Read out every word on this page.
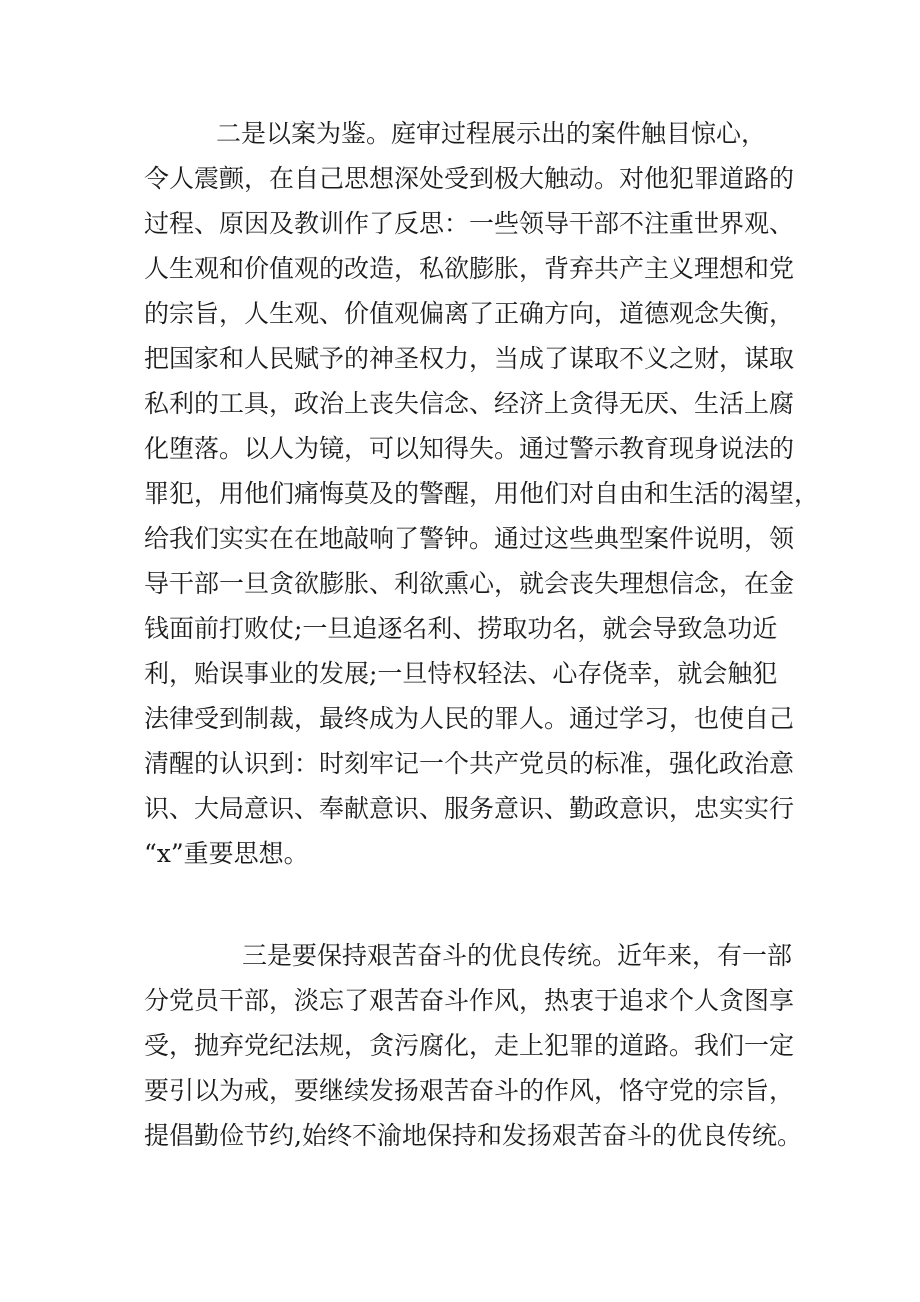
二是以案为鉴。庭审过程展示出的案件触目惊心，
令人震颤，在自己思想深处受到极大触动。对他犯罪道路的
过程、原因及教训作了反思：一些领导干部不注重世界观、
人生观和价值观的改造，私欲膨胀，背弃共产主义理想和党
的宗旨，人生观、价值观偏离了正确方向，道德观念失衡，
把国家和人民赋予的神圣权力，当成了谋取不义之财，谋取
私利的工具，政治上丧失信念、经济上贪得无厌、生活上腐
化堕落。以人为镜，可以知得失。通过警示教育现身说法的
罪犯，用他们痛悔莫及的警醒，用他们对自由和生活的渴望，
给我们实实在在地敲响了警钟。通过这些典型案件说明，领
导干部一旦贪欲膨胀、利欲熏心，就会丧失理想信念，在金
钱面前打败仗;一旦追逐名利、捞取功名，就会导致急功近
利，贻误事业的发展;一旦恃权轻法、心存侥幸，就会触犯
法律受到制裁，最终成为人民的罪人。通过学习，也使自己
清醒的认识到：时刻牢记一个共产党员的标准，强化政治意
识、大局意识、奉献意识、服务意识、勤政意识，忠实实行
“x”重要思想。
三是要保持艰苦奋斗的优良传统。近年来，有一部
分党员干部，淡忘了艰苦奋斗作风，热衷于追求个人贪图享
受，抛弃党纪法规，贪污腐化，走上犯罪的道路。我们一定
要引以为戒，要继续发扬艰苦奋斗的作风，恪守党的宗旨，
提倡勤俭节约,始终不渝地保持和发扬艰苦奋斗的优良传统。
